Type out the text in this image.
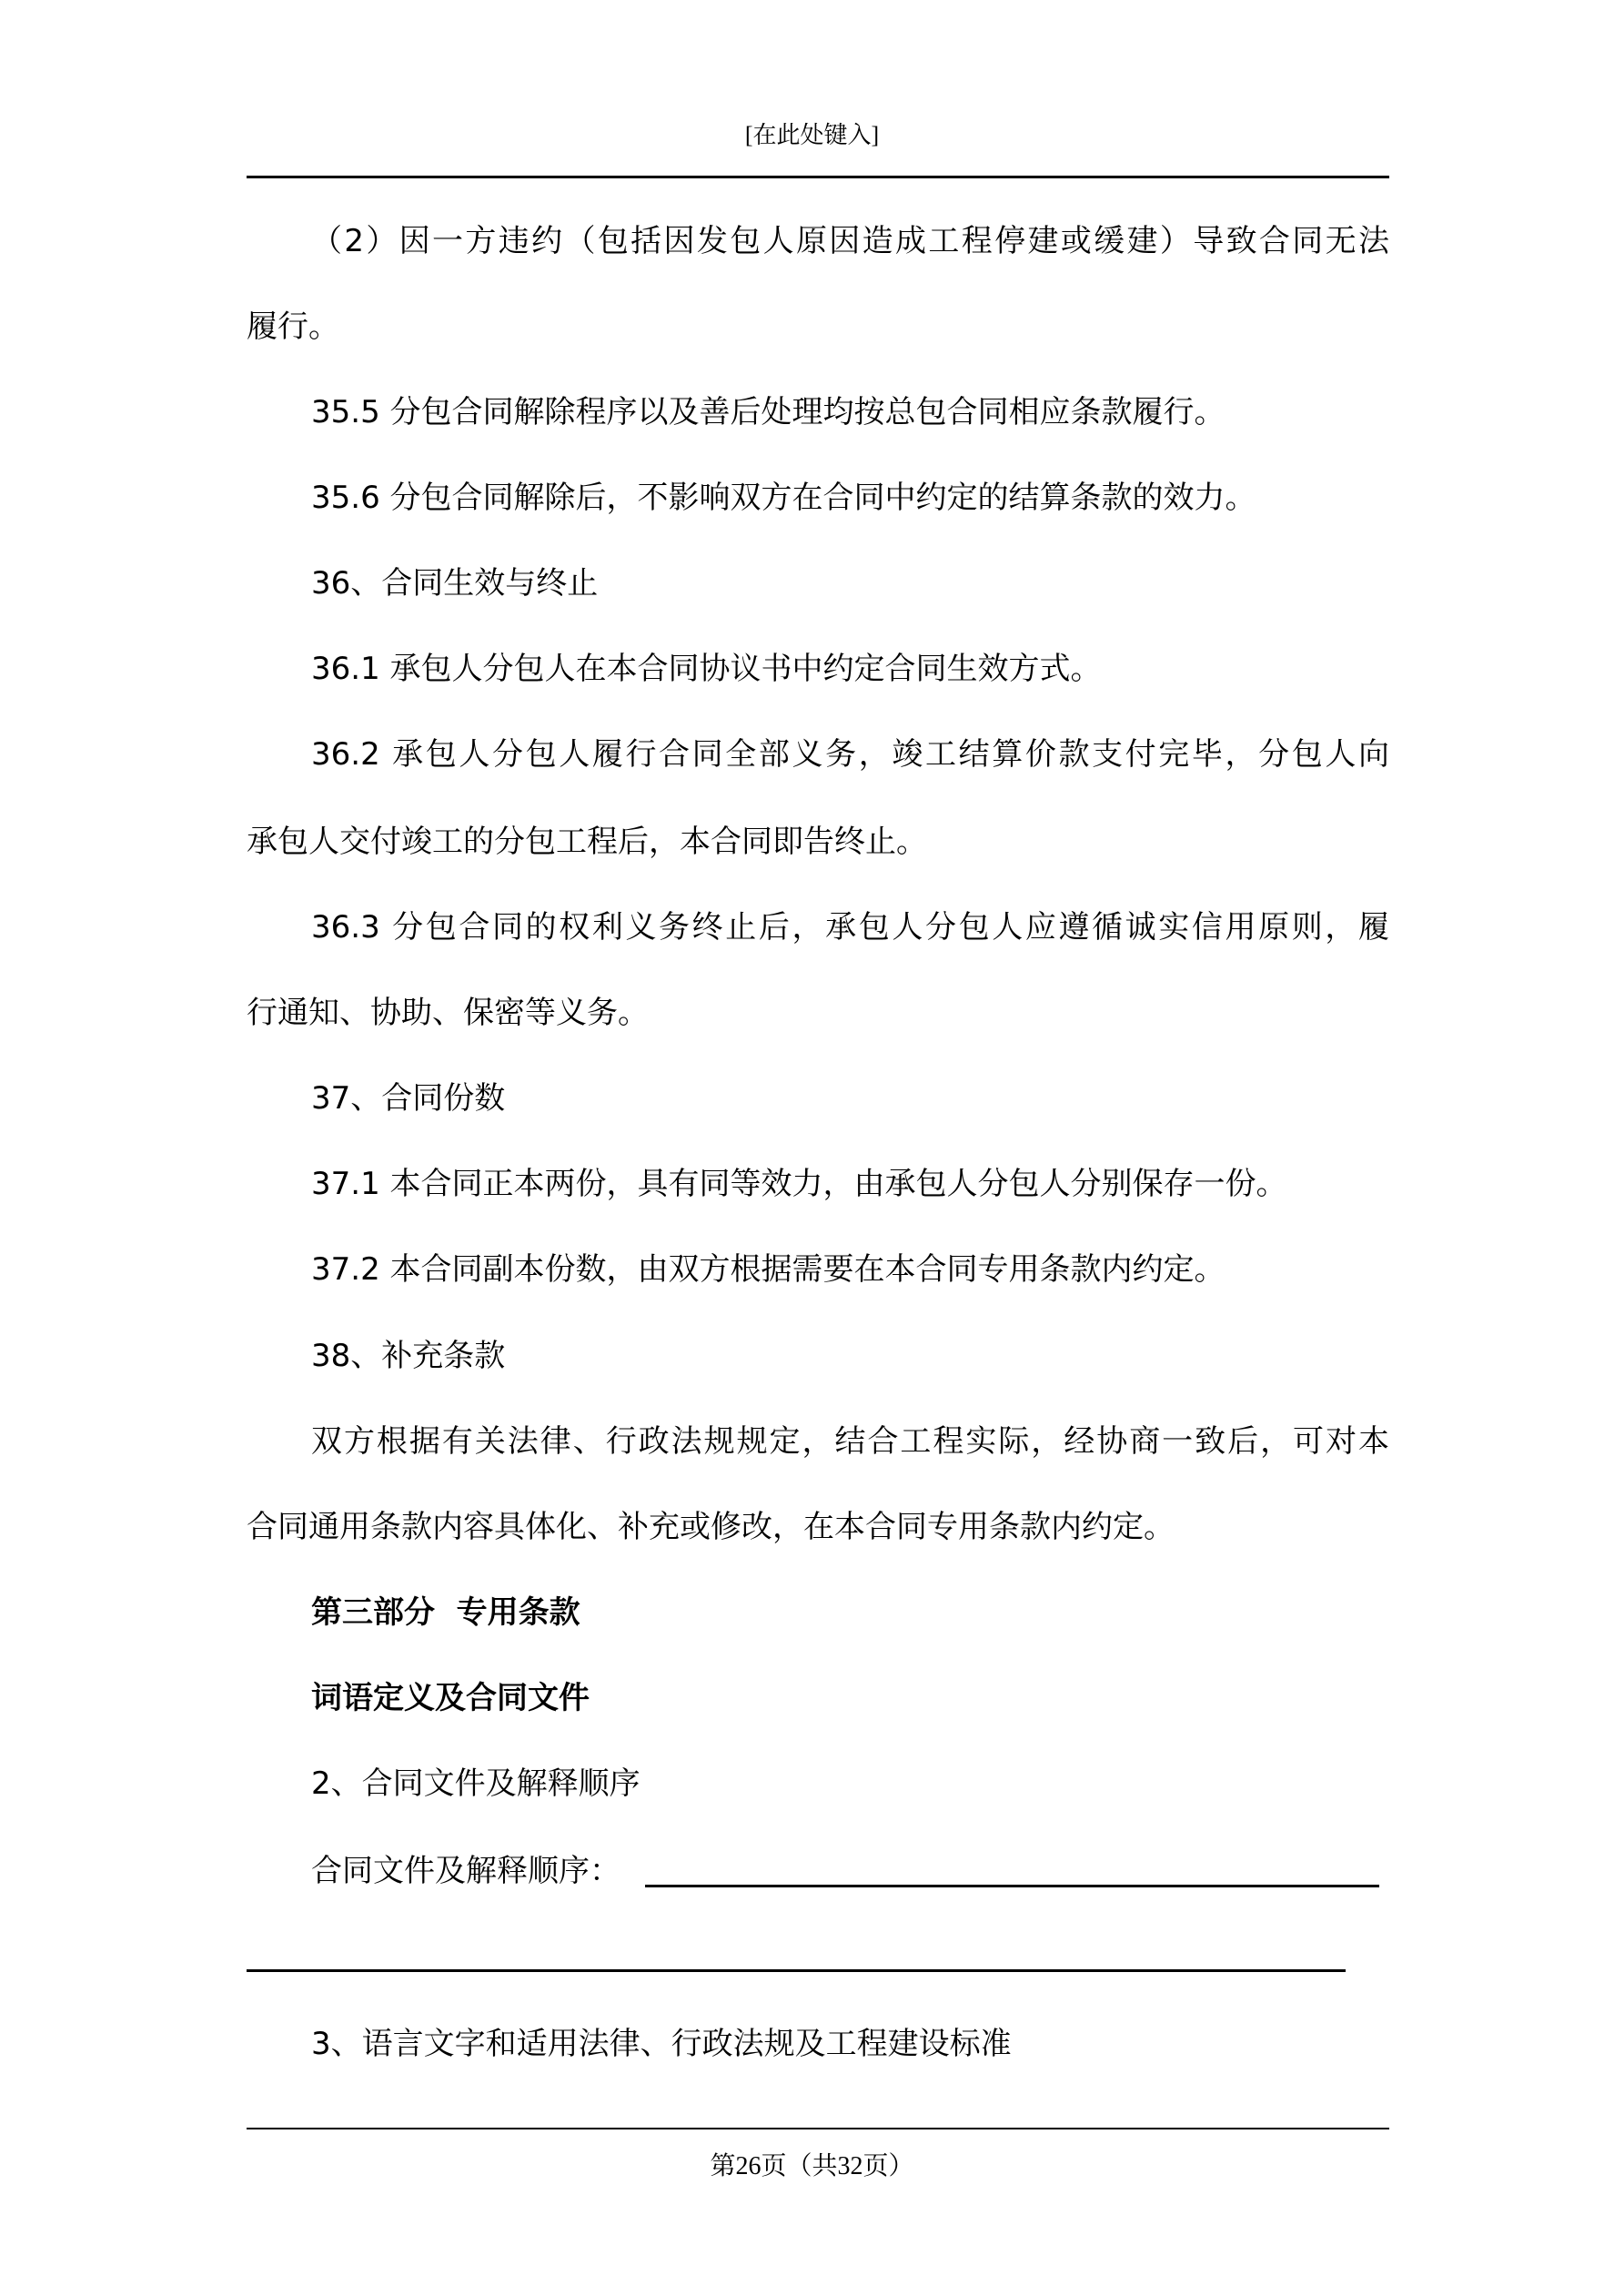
[在此处键入]
（2）因一方违约（包括因发包人原因造成工程停建或缓建）导致合同无法
履行。
35.5 分包合同解除程序以及善后处理均按总包合同相应条款履行。
35.6 分包合同解除后，不影响双方在合同中约定的结算条款的效力。
36、合同生效与终止
36.1 承包人分包人在本合同协议书中约定合同生效方式。
36.2 承包人分包人履行合同全部义务，竣工结算价款支付完毕，分包人向
承包人交付竣工的分包工程后，本合同即告终止。
36.3 分包合同的权利义务终止后，承包人分包人应遵循诚实信用原则，履
行通知、协助、保密等义务。
37、合同份数
37.1 本合同正本两份，具有同等效力，由承包人分包人分别保存一份。
37.2 本合同副本份数，由双方根据需要在本合同专用条款内约定。
38、补充条款
双方根据有关法律、行政法规规定，结合工程实际，经协商一致后，可对本
合同通用条款内容具体化、补充或修改，在本合同专用条款内约定。
第三部分  专用条款
词语定义及合同文件
2、合同文件及解释顺序
合同文件及解释顺序：
3、语言文字和适用法律、行政法规及工程建设标准
第26页（共32页）
